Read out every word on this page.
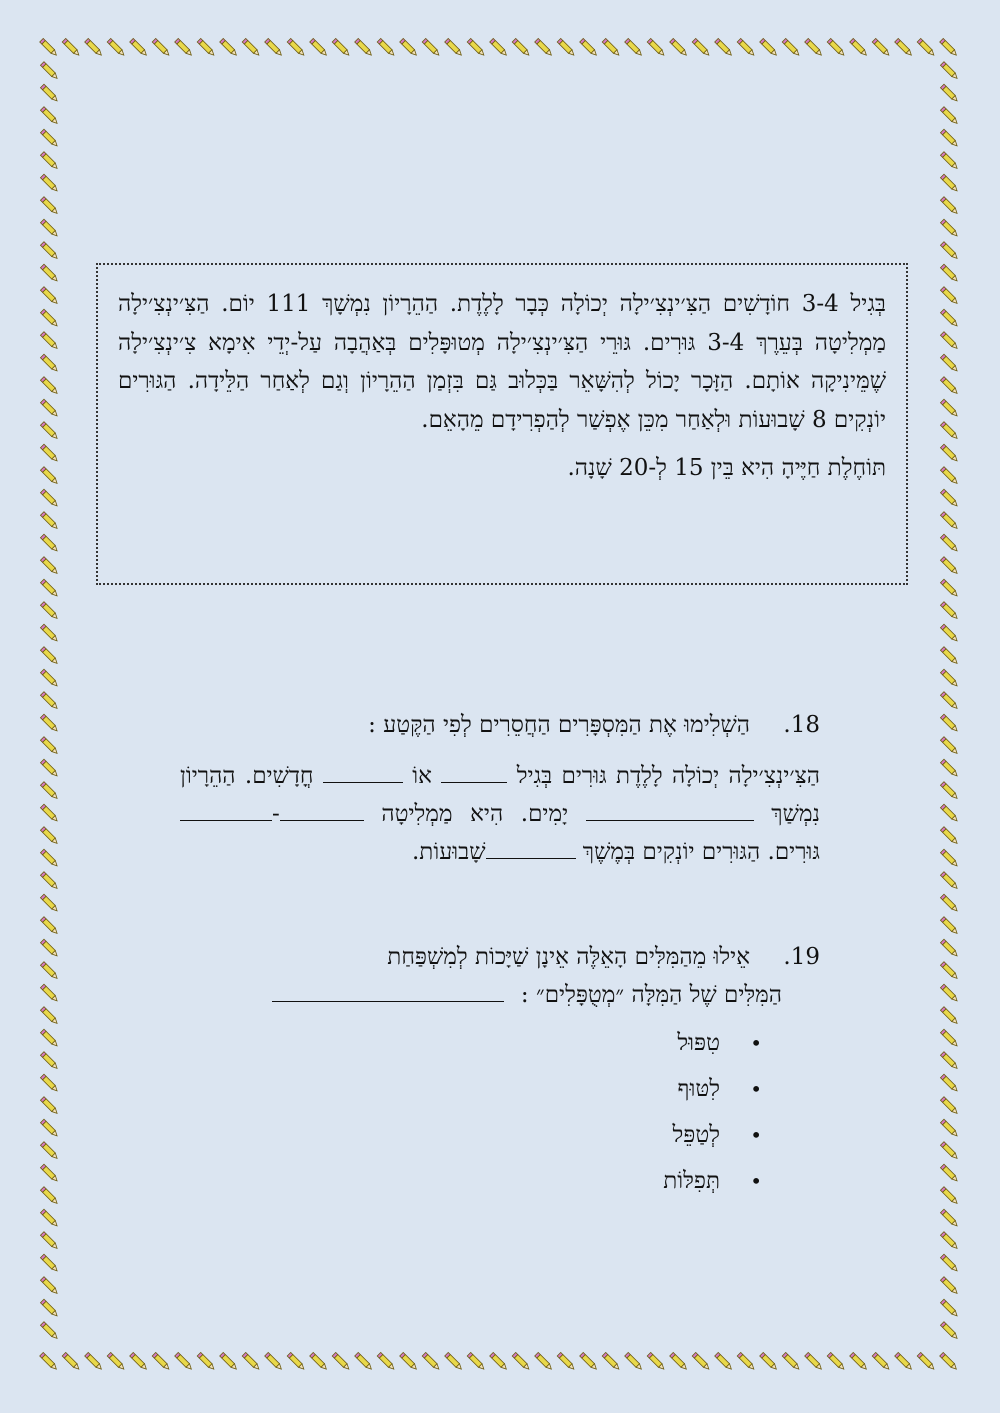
בְּגִיל 3-4 חוֹדָשִׁים הַצִּ׳ינְצִ׳ילָה יְכוֹלָה כְּבָר לָלֶדֶת. הַהֵרָיוֹן נִמְשָׁךְ 111 יוֹם. הַצִּ׳ינְצִ׳ילָה מַמְלִיטָה בְּעֵרֶךְ 3-4 גּוּרִים. גּוּרֵי הַצִּ׳ינְצִ׳ילָה מְטוּפָּלִים בְּאַהֲבָה עַל-יְדֵי אִימָא צִ׳ינְצִ׳ילָה שֶׁמֵּינִיקָה אוֹתָם. הַזָּכָר יָכוֹל לְהִשָּׁאֵר בַּכְּלוּב גַּם בִּזְמַן הַהֵרָיוֹן וְגַם לְאַחַר הַלֵּידָה. הַגּוּרִים יוֹנְקִים 8 שָׁבוּעוֹת וּלְאַחַר מִכֵּן אֶפְשַׁר לְהַפְרִידָם מֵהָאֵם.

תּוֹחֶלֶת חַיֶּיהָ הִיא בֵּין 15 לְ-20 שָׁנָה.

18.
הַשְׁלִימוּ אֶת הַמִּסְפָּרִים הַחֲסֵרִים לְפִי הַקֶּטַע :
הַצִּ׳ינְצִ׳ילָה יְכוֹלָה לָלֶדֶת גּוּרִים בְּגִיל  אוֹ  חֳדָשִׁים. הַהֵרָיוֹן נִמְשַׁךְ  יָמִים. הִיא מַמְלִיטָה - גּוּרִים. הַגּוּרִים יוֹנְקִים בְּמֶשֶׁךְ שָׁבוּעוֹת.
19.
אֵילוּ מֵהַמִּלִּים הָאֵלֶּה אֵינָן שַׁיָּכוֹת לְמִשְׁפַּחַת
הַמִּלִּים שֶׁל הַמִּלָּה ״מְטֻפָּלִים״ :
•
טִפּוּל
•
לִטּוּף
•
לְטַפֵּל
•
תְּפִלּוֹת
